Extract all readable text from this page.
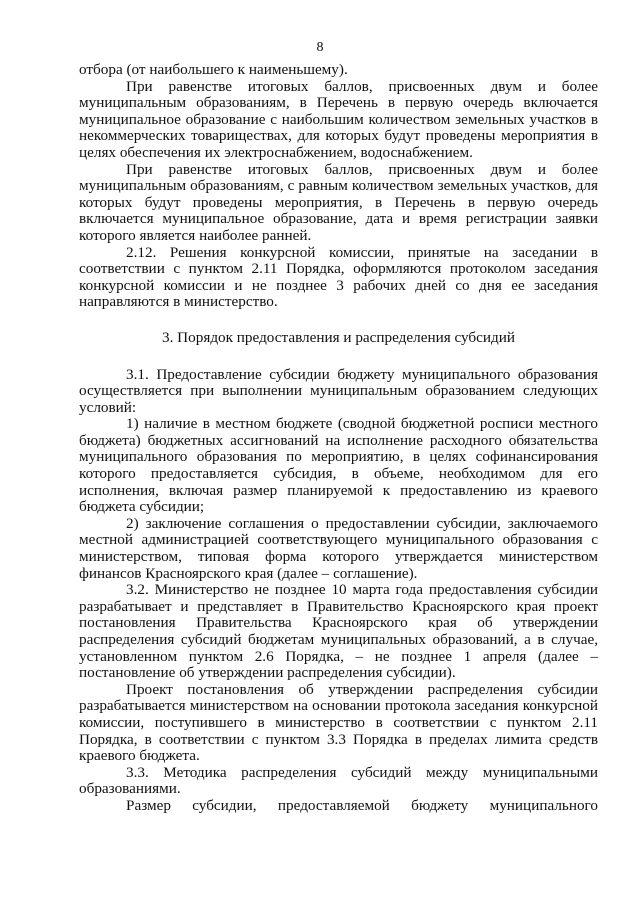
8

отбора (от наибольшего к наименьшему).

При равенстве итоговых баллов, присвоенных двум и более муниципальным образованиям, в Перечень в первую очередь включается муниципальное образование с наибольшим количеством земельных участков в некоммерческих товариществах, для которых будут проведены мероприятия в целях обеспечения их электроснабжением, водоснабжением.

При равенстве итоговых баллов, присвоенных двум и более муниципальным образованиям, с равным количеством земельных участков, для которых будут проведены мероприятия, в Перечень в первую очередь включается муниципальное образование, дата и время регистрации заявки которого является наиболее ранней.

2.12. Решения конкурсной комиссии, принятые на заседании в соответствии с пунктом 2.11 Порядка, оформляются протоколом заседания конкурсной комиссии и не позднее 3 рабочих дней со дня ее заседания направляются в министерство.

3. Порядок предоставления и распределения субсидий

3.1. Предоставление субсидии бюджету муниципального образования осуществляется при выполнении муниципальным образованием следующих условий:

1) наличие в местном бюджете (сводной бюджетной росписи местного бюджета) бюджетных ассигнований на исполнение расходного обязательства муниципального образования по мероприятию, в целях софинансирования которого предоставляется субсидия, в объеме, необходимом для его исполнения, включая размер планируемой к предоставлению из краевого бюджета субсидии;

2) заключение соглашения о предоставлении субсидии, заключаемого местной администрацией соответствующего муниципального образования с министерством, типовая форма которого утверждается министерством финансов Красноярского края (далее – соглашение).

3.2. Министерство не позднее 10 марта года предоставления субсидии разрабатывает и представляет в Правительство Красноярского края проект постановления Правительства Красноярского края об утверждении распределения субсидий бюджетам муниципальных образований, а в случае, установленном пунктом 2.6 Порядка, – не позднее 1 апреля (далее – постановление об утверждении распределения субсидии).

Проект постановления об утверждении распределения субсидии разрабатывается министерством на основании протокола заседания конкурсной комиссии, поступившего в министерство в соответствии с пунктом 2.11 Порядка, в соответствии с пунктом 3.3 Порядка в пределах лимита средств краевого бюджета.

3.3. Методика распределения субсидий между муниципальными образованиями.

Размер субсидии, предоставляемой бюджету муниципального
